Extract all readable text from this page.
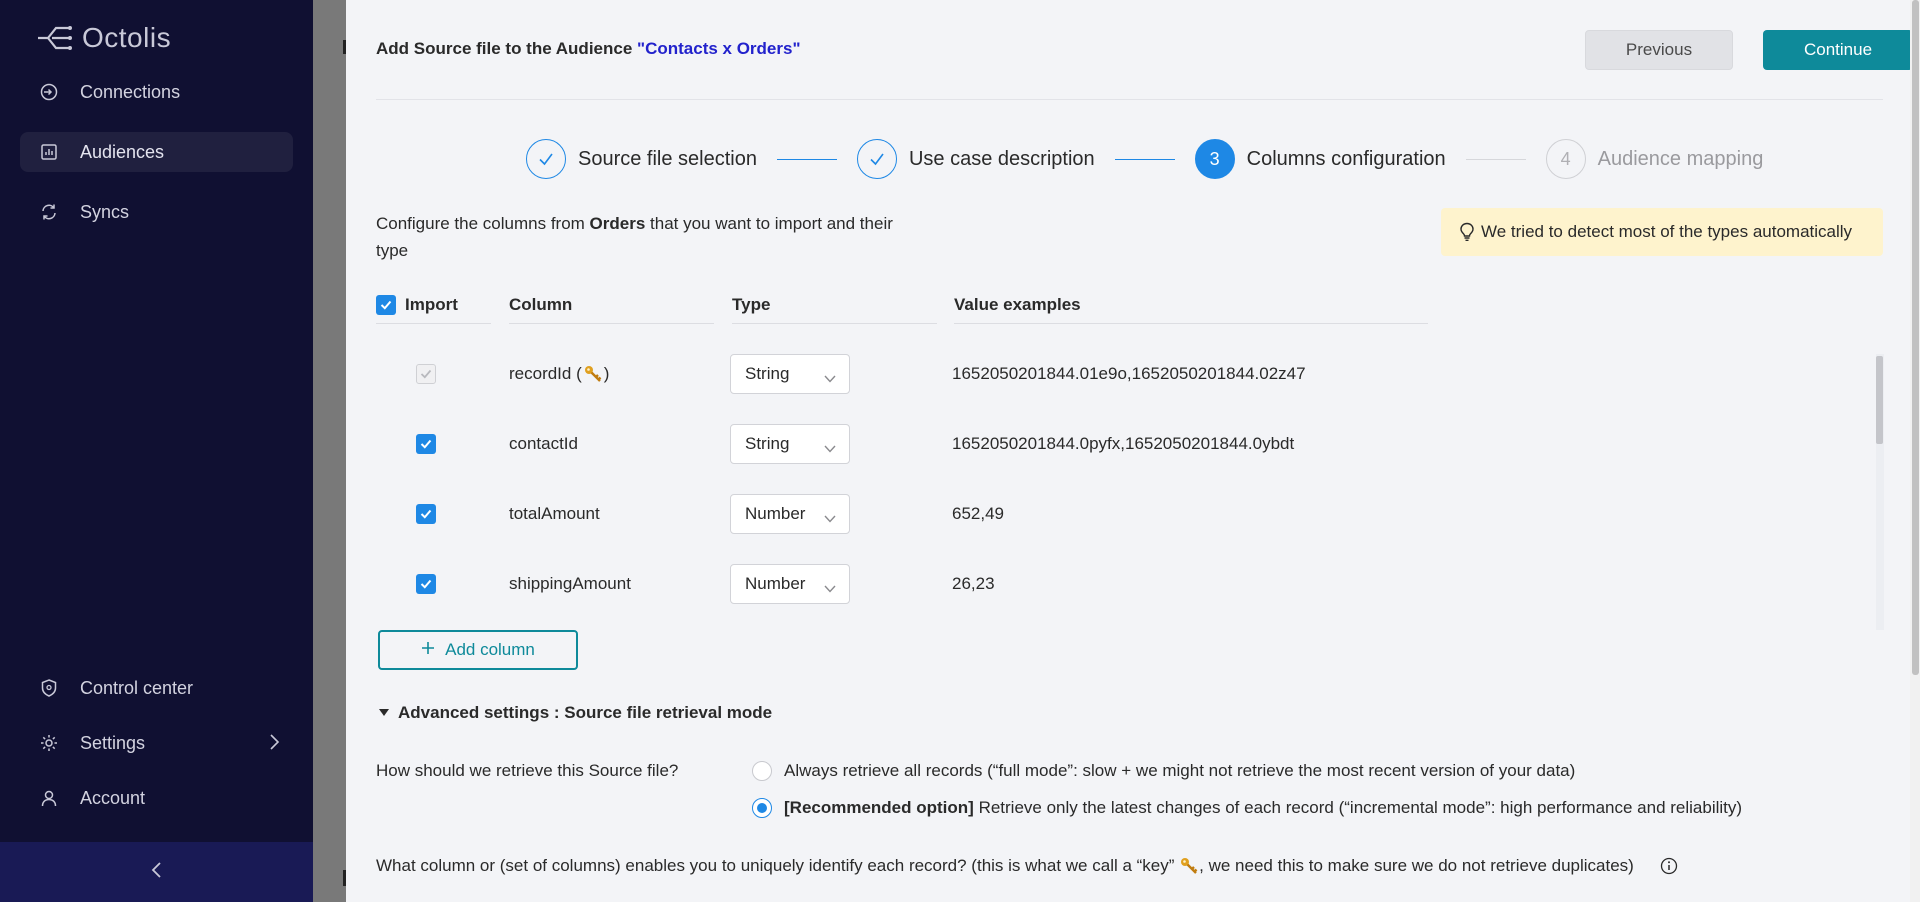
Octolis
Connections
Audiences
Syncs
Control center
Settings
Account
Add Source file to the Audience "Contacts x Orders"	Previous	Continue
Source file selection	Use case description	3	Columns configuration	4	Audience mapping
Configure the columns from Orders that you want to import and their type
We tried to detect most of the types automatically
Import	Column	Type	Value examples
recordId ( )	String	1652050201844.01e9o,1652050201844.02z47
contactId	String	1652050201844.0pyfx,1652050201844.0ybdt
totalAmount	Number	652,49
shippingAmount	Number	26,23
Add column
Advanced settings : Source file retrieval mode
How should we retrieve this Source file?	Always retrieve all records (“full mode”: slow + we might not retrieve the most recent version of your data)
[Recommended option] Retrieve only the latest changes of each record (“incremental mode”: high performance and reliability)
What column or (set of columns) enables you to uniquely identify each record? (this is what we call a “key” , we need this to make sure we do not retrieve duplicates)
